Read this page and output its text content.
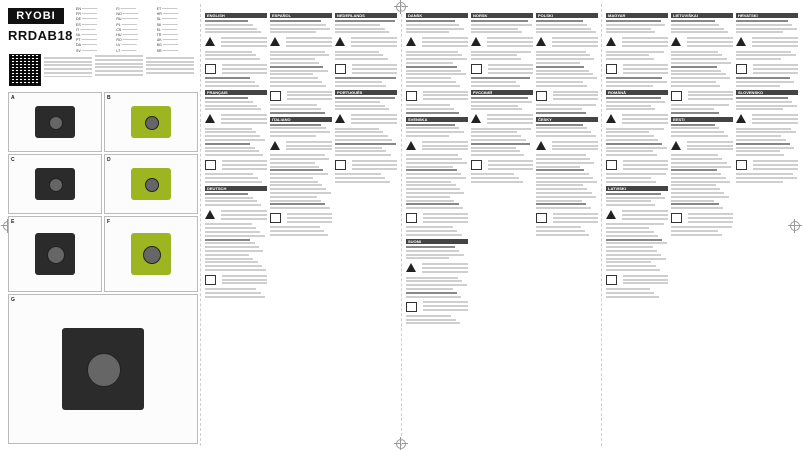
RYOBI
RRDAB18
EN ──────
FR ──────
DE ──────
ES ──────
IT ──────
NL ──────
PT ──────
DA ──────
SV ──────
FI ──────
NO ──────
RU ──────
PL ──────
CS ──────
HU ──────
RO ──────
LV ──────
LT ──────
ET ──────
HR ──────
SL ──────
SK ──────
EL ──────
TR ──────
UK ──────
BG ──────
SR ──────
A	B
C	D
E	F
G
ENGLISH
FRANÇAIS
DEUTSCH
ESPAÑOL
ITALIANO
NEDERLANDS
PORTUGUÊS
DANSK
SVENSKA
SUOMI
NORSK
РУССКИЙ
POLSKI
ČESKY
MAGYAR
ROMÂNĂ
LATVISKI
LIETUVIŠKAI
EESTI
HRVATSKI
SLOVENSKO
